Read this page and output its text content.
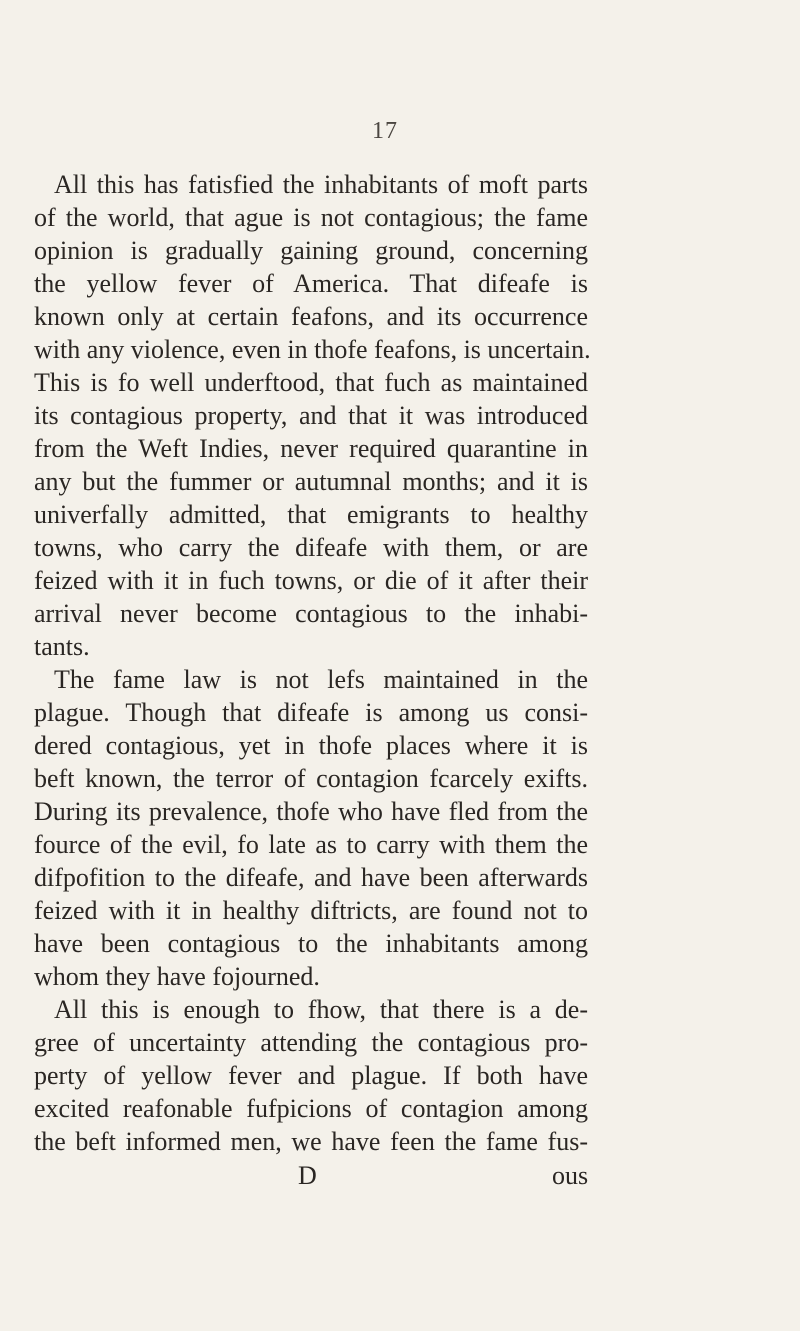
17

All this has fatisfied the inhabitants of moft parts

of the world, that ague is not contagious; the fame

opinion is gradually gaining ground, concerning

the yellow fever of America. That difeafe is

known only at certain feafons, and its occurrence

with any violence, even in thofe feafons, is uncertain.

This is fo well underftood, that fuch as maintained

its contagious property, and that it was introduced

from the Weft Indies, never required quarantine in

any but the fummer or autumnal months; and it is

univerfally admitted, that emigrants to healthy

towns, who carry the difeafe with them, or are

feized with it in fuch towns, or die of it after their

arrival never become contagious to the inhabi-

tants.

The fame law is not lefs maintained in the

plague. Though that difeafe is among us consi-

dered contagious, yet in thofe places where it is

beft known, the terror of contagion fcarcely exifts.

During its prevalence, thofe who have fled from the

fource of the evil, fo late as to carry with them the

difpofition to the difeafe, and have been afterwards

feized with it in healthy diftricts, are found not to

have been contagious to the inhabitants among

whom they have fojourned.

All this is enough to fhow, that there is a de-

gree of uncertainty attending the contagious pro-

perty of yellow fever and plague. If both have

excited reafonable fufpicions of contagion among

the beft informed men, we have feen the fame fus-

D	ous
